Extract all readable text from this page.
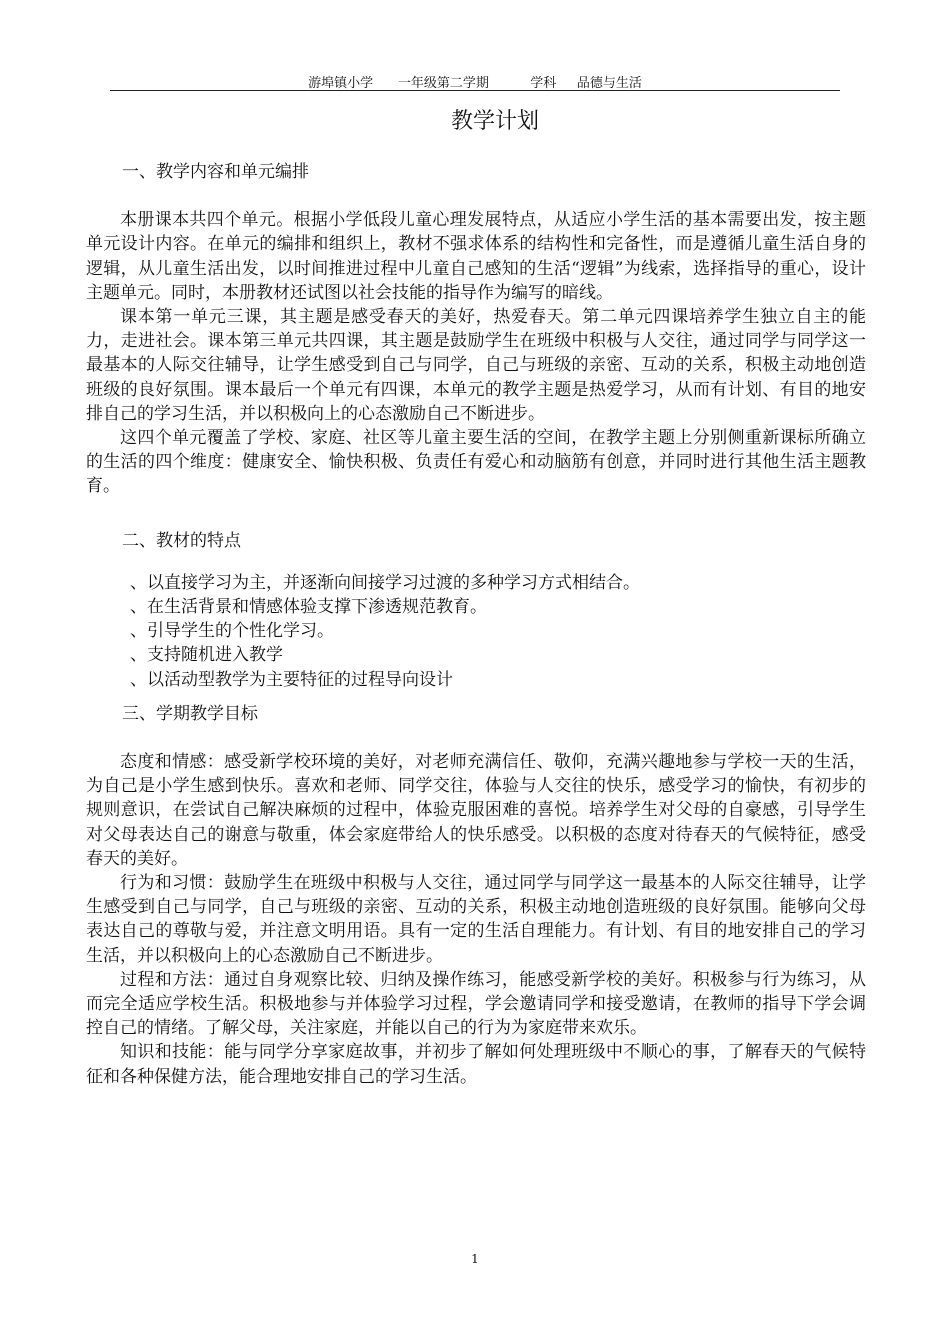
游埠镇小学      一年级第二学期          学科     品德与生活
教学计划
一、教学内容和单元编排

本册课本共四个单元。根据小学低段儿童心理发展特点，从适应小学生活的基本需要出发，按主题单元设计内容。在单元的编排和组织上，教材不强求体系的结构性和完备性，而是遵循儿童生活自身的逻辑，从儿童生活出发，以时间推进过程中儿童自己感知的生活“逻辑”为线索，选择指导的重心，设计主题单元。同时，本册教材还试图以社会技能的指导作为编写的暗线。

课本第一单元三课，其主题是感受春天的美好，热爱春天。第二单元四课培养学生独立自主的能力，走进社会。课本第三单元共四课，其主题是鼓励学生在班级中积极与人交往，通过同学与同学这一最基本的人际交往辅导，让学生感受到自己与同学，自己与班级的亲密、互动的关系，积极主动地创造班级的良好氛围。课本最后一个单元有四课，本单元的教学主题是热爱学习，从而有计划、有目的地安排自己的学习生活，并以积极向上的心态激励自己不断进步。

这四个单元覆盖了学校、家庭、社区等儿童主要生活的空间，在教学主题上分别侧重新课标所确立的生活的四个维度：健康安全、愉快积极、负责任有爱心和动脑筋有创意，并同时进行其他生活主题教育。

二、教材的特点
、以直接学习为主，并逐渐向间接学习过渡的多种学习方式相结合。
、在生活背景和情感体验支撑下渗透规范教育。
、引导学生的个性化学习。
、支持随机进入教学
、以活动型教学为主要特征的过程导向设计
三、学期教学目标

态度和情感：感受新学校环境的美好，对老师充满信任、敬仰，充满兴趣地参与学校一天的生活，为自己是小学生感到快乐。喜欢和老师、同学交往，体验与人交往的快乐，感受学习的愉快，有初步的规则意识，在尝试自己解决麻烦的过程中，体验克服困难的喜悦。培养学生对父母的自豪感，引导学生对父母表达自己的谢意与敬重，体会家庭带给人的快乐感受。以积极的态度对待春天的气候特征，感受春天的美好。

行为和习惯：鼓励学生在班级中积极与人交往，通过同学与同学这一最基本的人际交往辅导，让学生感受到自己与同学，自己与班级的亲密、互动的关系，积极主动地创造班级的良好氛围。能够向父母表达自己的尊敬与爱，并注意文明用语。具有一定的生活自理能力。有计划、有目的地安排自己的学习生活，并以积极向上的心态激励自己不断进步。

过程和方法：通过自身观察比较、归纳及操作练习，能感受新学校的美好。积极参与行为练习，从而完全适应学校生活。积极地参与并体验学习过程，学会邀请同学和接受邀请，在教师的指导下学会调控自己的情绪。了解父母，关注家庭，并能以自己的行为为家庭带来欢乐。

知识和技能：能与同学分享家庭故事，并初步了解如何处理班级中不顺心的事，了解春天的气候特征和各种保健方法，能合理地安排自己的学习生活。

1
